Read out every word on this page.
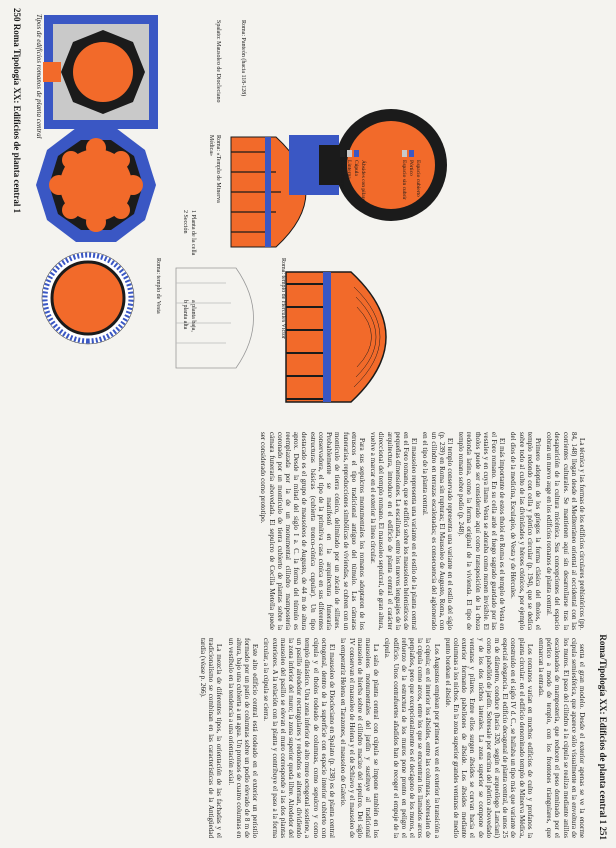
250 Roma Tipología XX: Edificios de planta central 1
Roma/Tipología XX: Edificios de planta central 1 251
Roma: templo de Vesta
Roma: «Templo de Minerva Médica»
Spalato: Mausoleo de Diocleciano	Roma: Panteón (hacia 118-128)
1 Planta de la cella
2 Sección
a planta baja,
b planta alta	Roma: templo de Hércules Víctor
Ábsides con pilares
Cúpula
Linterna
Contrafuertes	Espacio cubierto
Pórtico
Espacio sin cubrir
Tipos de edificios romanos de planta central

La técnica y las formas de los edificios circulares prehistóricos (pp. 84, 148) llegan desde el Mediterráneo oriental al occidental con las corrientes culturales. Se mantienen aquí sin desarrollarse tras la desaparición de la cultura micénica. Sus concepciones del espacio cobran un nuevo auge en los edificios romanos de planta central.

Primero adoptan de los griegos la forma clásica del tholos, el templo redondo con cella y pórtico circular (p. 194), que se dedica sobre todo al culto de las divinidades y héroes ctónicos, por ejemplo del dios de la medicina, Esculapio, de Vesta y de Hércules.

El más importante de estos tholoi en Roma es el templo de Vesta en el Foro romano. En su cella arde el fuego sagrado guardado por las vestales y en cuya llama Vesta se adoraba como numen invisible. El tholos puede ser considerado aquí como transposición de la choza redonda latina, como la forma original de la vivienda. El tipo de templo romano sobre podio (p. 248).

El templo conservado representa una variante en el estilo del siglo (p. 239) en Roma sin rupturas; El Mausoleo de Augusto, Roma, con un cilindro en terrazas escalonadas; es consecuencia del aglomerado en el tipo de la planta central.

El mausoleo representa una variante en el estilo de la planta central en el Foro romano, que se edificó sobre los mausoleos helenísticos de pequeñas dimensiones. La escalinata, entre los nuevos lenguajes de la arquitectura, introduce en el edificio de planta central el carácter direccional del templo romano. El mausoleo sepulcral, de gran altura, vuelve a marcar en el exterior la línea circular.

Para sus sepulcros monumentales los romanos adoptaron de los etruscos el tipo tradicional antiguo del túmulo. Las cámaras funerarias, reproducciones simbólicas de viviendas, se cubren con un montículo de tierra cónico, delimitado por un zócalo de sillares. Probablemente se manifestó en la arquitectura funeraria conservadora, el tipo de la primitiva casa cónica en sus diferentes estructuras básicas (cubierta tronco-cónica cupular). Un tipo destacado es el grupo de mausoleos de Augusto, de 44 m de altura aprox. Desde la mitad del siglo I a. C. la forma del túmulo es reemplazada por la de un monumental cilindro mampostería coronado por un montículo de tierra cubierto de plantas sobre la cámara funeraria abovedada. El sepulcro de Cecilia Metella puede ser considerado como prototipo.

senta el gran modelo. Desde el exterior apenas se ve la enorme cúpula semiesférica, que aparece sólo visualmente en la envoltura de los muros. El paso del cilindro a la cúpula se realiza mediante anillos escalonados de mampostería, que reducen el peso dominado por el pórtico a modo de templo, con los frontones triangulares, que enmarcan la entrada.

Los romanos varían en muchos edificios de culto y profanos la planta circular: en el edificio denominado templo de Minerva Médica, construido en el siglo IV d. C., se hallaba un tipo más que variante de especial elegancia. El edificio decagonal de planta central, de unos 25 m de diámetro, conduce (hacia 320, según el arqueólogo Lanciani) como pabellón de jardín. Sobresale por encima del pórtico abovedado y de los dos nichos laterales. La zona superior se compone de ventanas y pilares. Entre ellos surgen ábsides se curvan hacia el exterior formando pabellones de ábside. Los ábsides mediante columnas a los nichos. En la zona superior grandes ventanas de medio punto bordean el ábside.

Los Augustos emplean por primera vez en el exterior la transición a la cúpula; en el interior los ábsides, entre las columnas, sobresalen de la cúpula como arcos, entre los que se encuentran los llamados arcos perpiaños, pero que excepcionalmente es el decágono de los muros, el refuerzo de la estructura de los muros pone pronto en peligro el edificio. Unos contrafuertes añadidos han de recoger el empuje de la cúpula.

La sala de planta central con cúpula se impone también en los mausoleos monumentales del jardín y sustituye al tradicional mausoleo de hierba sobre el cilindro macizo del sepulcro. Del siglo IV conservan el mausoleo de Helena y el de Schiavo y el mausoleo de la emperatriz Helena en Tarazones, el mausoleo de Galerio.

El mausoleo de Diocleciano en Spalato (p. 238) es de planta central octogonal, dentro de la superficie con espacio interior cubierto con cúpula y el tholos rodeado de columnas, como sepulcro y como templo dinástico. Una zona inferior de alto muro octogonal sostiene, a un pasillo alrededor rectangulares y redondos se alternan, dividiendo la zona inferior del muro; la zona superior queda libre. Alrededor del mausoleo del pasillo se elevan el muro corresponde a las dos plantas exteriores. A la relación con la planta y contribuye el paso a la forma circular, a la cúpula se cierra.

Este alto edificio central está rodeado en el exterior un peristilo formado por un patio de columnas sobre un podio elevado de 8 m de altura, bajo una cubierta a un agua. Un pronaos de cuatro columnas en un vestíbulo en la tendencia a una orientación axial.

La mezcla de diferentes tipos, la orientación de las fachadas y el tradicionalismo se combinan en las características de la Antigüedad tardía (véase p. 266).
